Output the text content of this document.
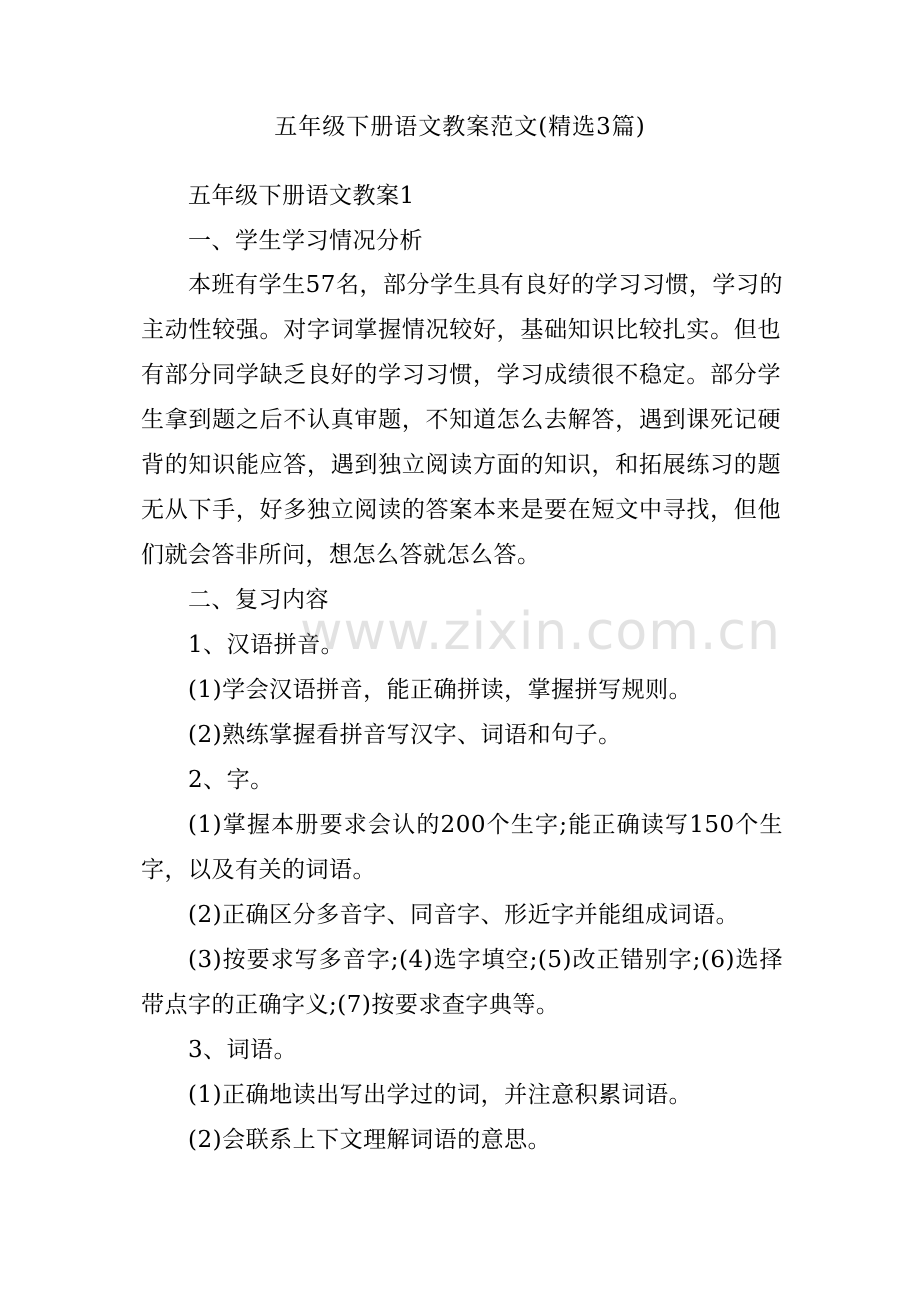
五年级下册语文教案范文(精选3篇)
五年级下册语文教案1
一、学生学习情况分析
本班有学生57名，部分学生具有良好的学习习惯，学习的
主动性较强。对字词掌握情况较好，基础知识比较扎实。但也
有部分同学缺乏良好的学习习惯，学习成绩很不稳定。部分学
生拿到题之后不认真审题，不知道怎么去解答，遇到课死记硬
背的知识能应答，遇到独立阅读方面的知识，和拓展练习的题
无从下手，好多独立阅读的答案本来是要在短文中寻找，但他
们就会答非所问，想怎么答就怎么答。
二、复习内容
1、汉语拼音。
(1)学会汉语拼音，能正确拼读，掌握拼写规则。
(2)熟练掌握看拼音写汉字、词语和句子。
2、字。
(1)掌握本册要求会认的200个生字;能正确读写150个生
字，以及有关的词语。
(2)正确区分多音字、同音字、形近字并能组成词语。
(3)按要求写多音字;(4)选字填空;(5)改正错别字;(6)选择
带点字的正确字义;(7)按要求查字典等。
3、词语。
(1)正确地读出写出学过的词，并注意积累词语。
(2)会联系上下文理解词语的意思。
www.zixin.com.cn
